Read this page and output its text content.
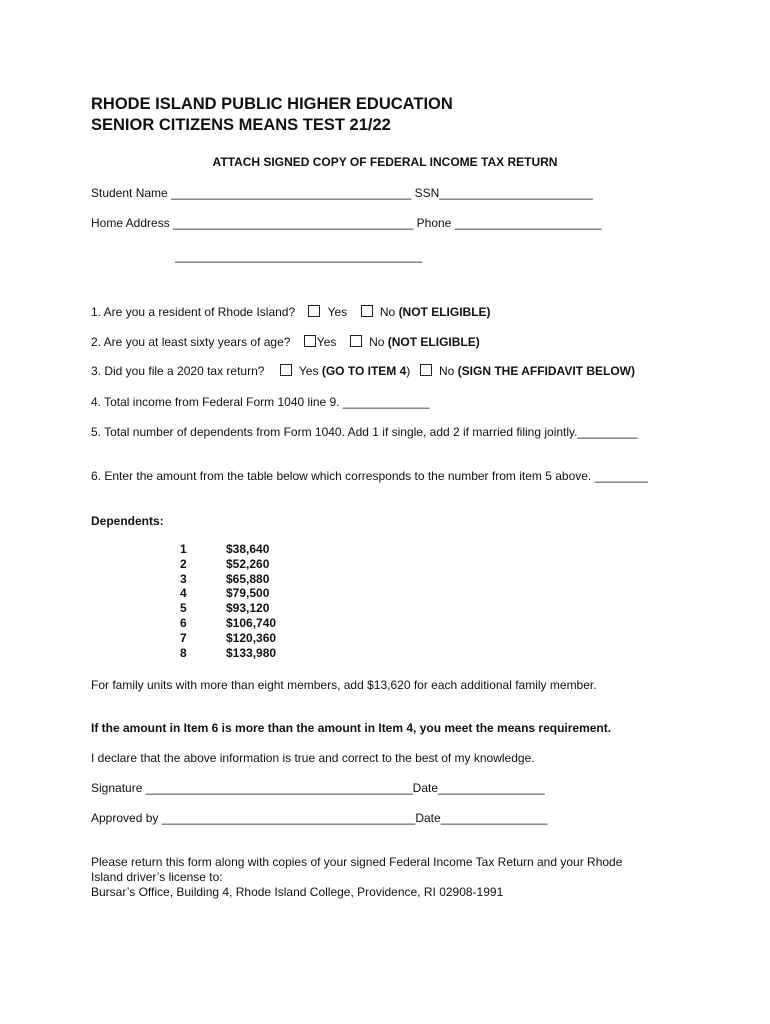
RHODE ISLAND PUBLIC HIGHER EDUCATION
SENIOR CITIZENS MEANS TEST 21/22
ATTACH SIGNED COPY OF FEDERAL INCOME TAX RETURN
Student Name ____________________________________ SSN_______________________
Home Address ____________________________________ Phone ______________________
_____________________________________
1. Are you a resident of Rhode Island?	Yes	No (NOT ELIGIBLE)
2. Are you at least sixty years of age? Yes	No (NOT ELIGIBLE)
3. Did you file a 2020 tax return?	Yes (GO TO ITEM 4) No (SIGN THE AFFIDAVIT BELOW)
4. Total income from Federal Form 1040 line 9. _____________
5. Total number of dependents from Form 1040. Add 1 if single, add 2 if married filing jointly._________
6. Enter the amount from the table below which corresponds to the number from item 5 above. ________
Dependents:
1	$38,640
2	$52,260
3	$65,880
4	$79,500
5	$93,120
6	$106,740
7	$120,360
8	$133,980
For family units with more than eight members, add $13,620 for each additional family member.
If the amount in Item 6 is more than the amount in Item 4, you meet the means requirement.
I declare that the above information is true and correct to the best of my knowledge.
Signature ________________________________________Date________________
Approved by ______________________________________Date________________
Please return this form along with copies of your signed Federal Income Tax Return and your Rhode
Island driver’s license to:
Bursar’s Office, Building 4, Rhode Island College, Providence, RI 02908-1991
